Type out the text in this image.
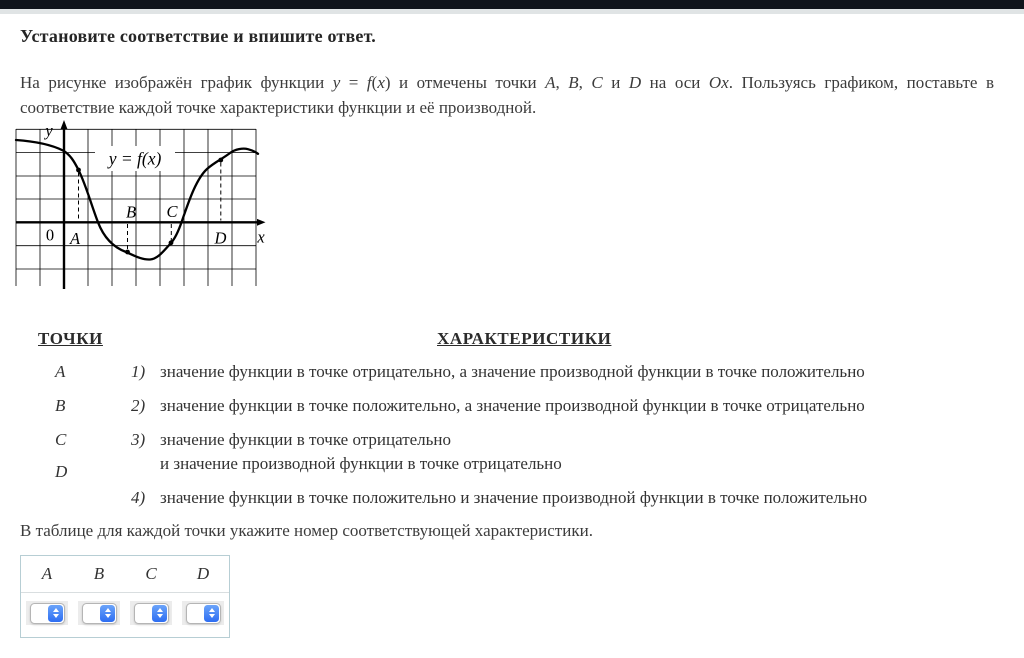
Установите соответствие и впишите ответ.
На рисунке изображён график функции y = f(x) и отмечены точки A, B, C и D на оси Ox. Пользуясь графиком, поставьте в
соответствие каждой точке характеристики функции и её производной.
y
x
0
y = f(x)
A
B C
D
ТОЧКИ	ХАРАКТЕРИСТИКИ
A
B
C
D
1) значение функции в точке отрицательно, а значение производной функции в точке положительно
2) значение функции в точке положительно, а значение производной функции в точке отрицательно
3) значение функции в точке отрицательно
и значение производной функции в точке отрицательно
4) значение функции в точке положительно и значение производной функции в точке положительно
В таблице для каждой точки укажите номер соответствующей характеристики.
A	B	C	D
